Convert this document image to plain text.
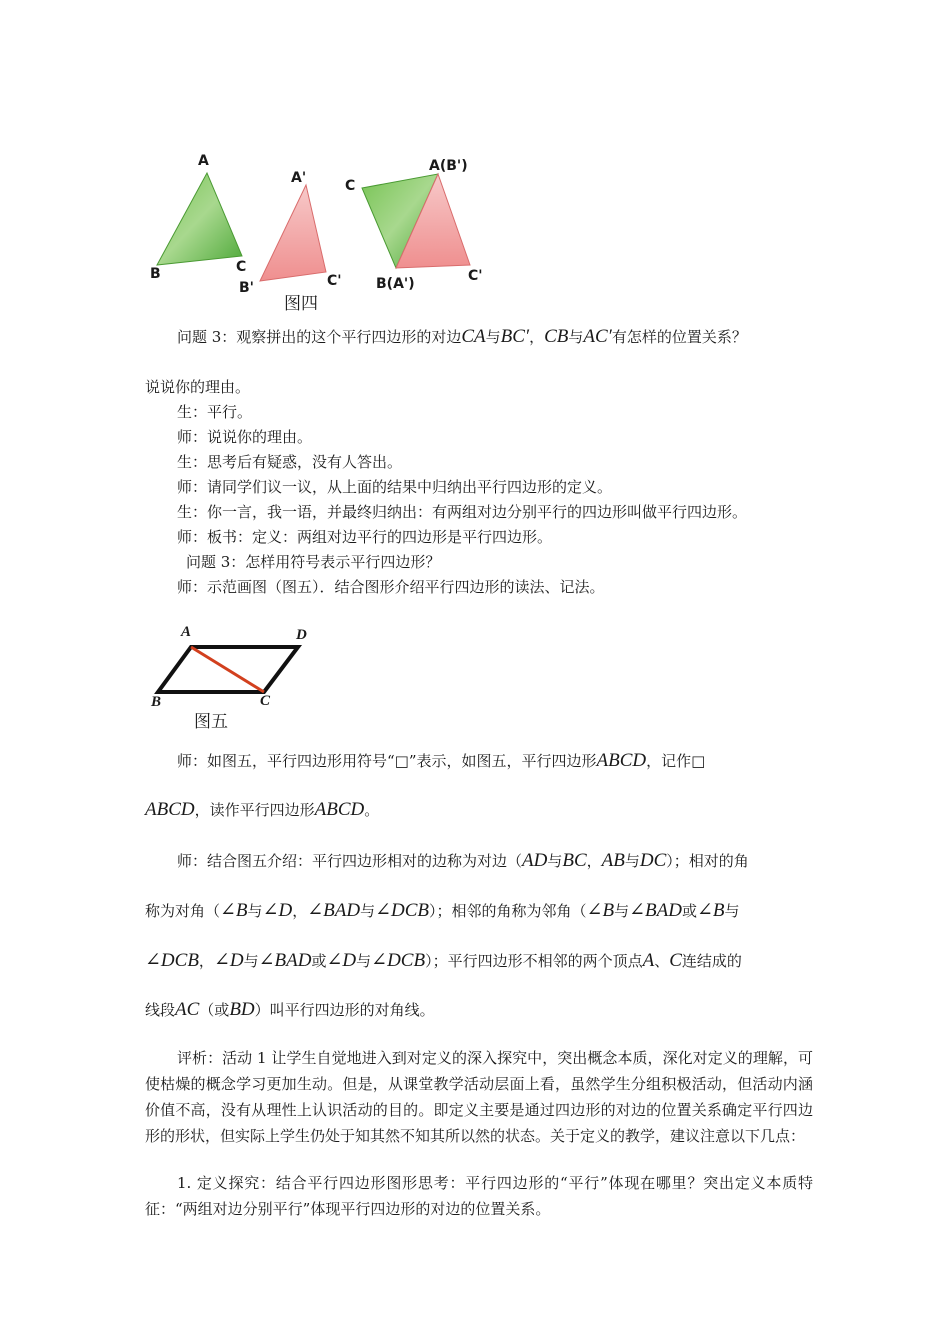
A
B	C
A'
B'	C'
C
A(B')
B(A')	C'
图四
问题 3：观察拼出的这个平行四边形的对边CA与BC′，CB与AC′有怎样的位置关系？
说说你的理由。
生：平行。
师：说说你的理由。
生：思考后有疑惑，没有人答出。
师：请同学们议一议，从上面的结果中归纳出平行四边形的定义。
生：你一言，我一语，并最终归纳出：有两组对边分别平行的四边形叫做平行四边形。
师：板书：定义：两组对边平行的四边形是平行四边形。
问题 3：怎样用符号表示平行四边形？
师：示范画图（图五）．结合图形介绍平行四边形的读法、记法。
A	D
B	C
图五
师：如图五，平行四边形用符号“□”表示，如图五，平行四边形ABCD，记作□
ABCD，读作平行四边形ABCD。
师：结合图五介绍：平行四边形相对的边称为对边（AD与BC，AB与DC）；相对的角
称为对角（∠B与∠D，∠BAD与∠DCB）；相邻的角称为邻角（∠B与∠BAD或∠B与
∠DCB，∠D与∠BAD或∠D与∠DCB）；平行四边形不相邻的两个顶点A、C连结成的
线段AC（或BD）叫平行四边形的对角线。
评析：活动 1 让学生自觉地进入到对定义的深入探究中，突出概念本质，深化对定义的理解，可使枯燥的概念学习更加生动。但是，从课堂教学活动层面上看，虽然学生分组积极活动，但活动内涵价值不高，没有从理性上认识活动的目的。即定义主要是通过四边形的对边的位置关系确定平行四边形的形状，但实际上学生仍处于知其然不知其所以然的状态。关于定义的教学，建议注意以下几点：
1. 定义探究：结合平行四边形图形思考：平行四边形的“平行”体现在哪里？突出定义本质特征：“两组对边分别平行”体现平行四边形的对边的位置关系。
